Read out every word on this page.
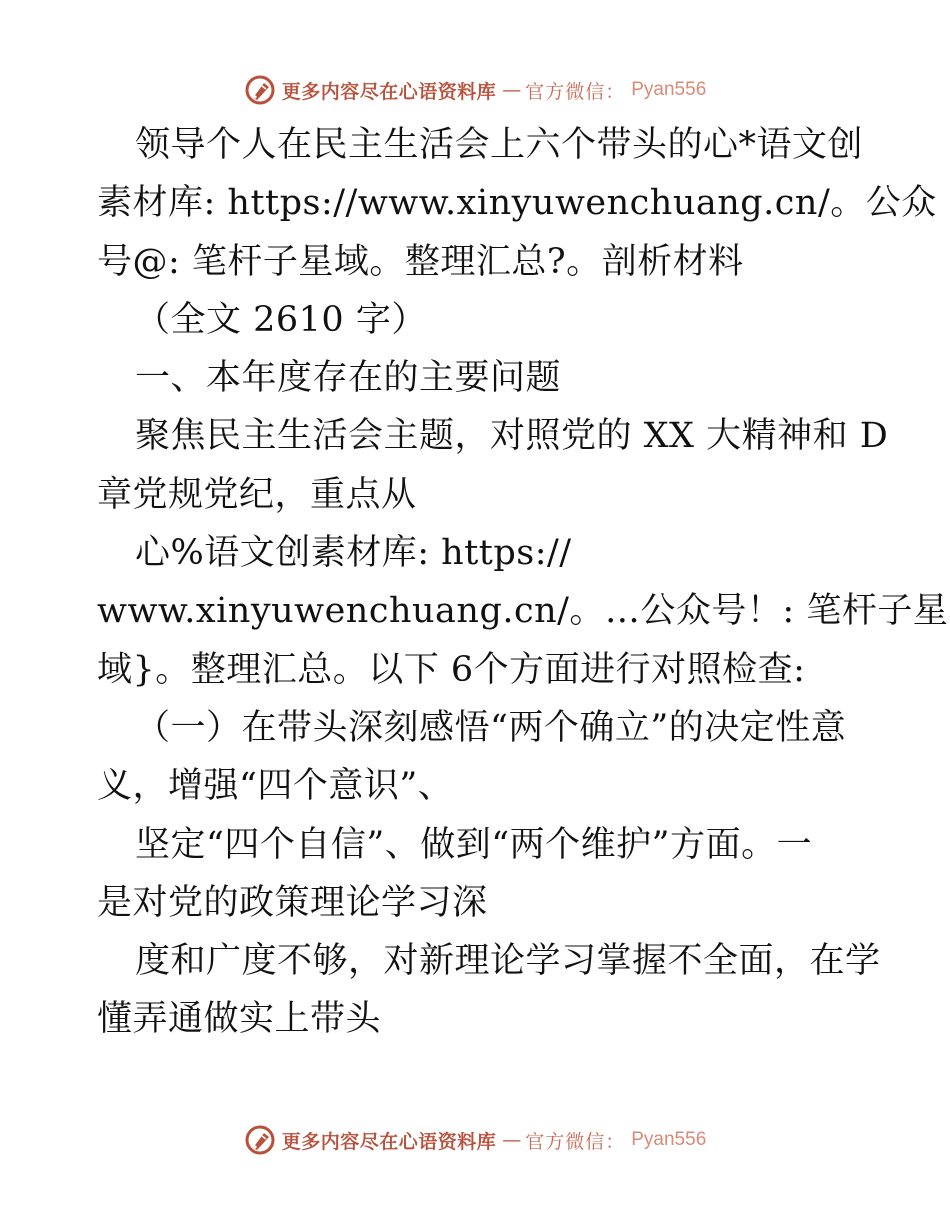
更多内容尽在心语资料库 — 官方微信： Pyan556
领导个人在民主生活会上六个带头的心*语文创
素材库: https://www.xinyuwenchuang.cn/。公众
号@: 笔杆子星域。整理汇总?。剖析材料
（全文 2610 字）
一、本年度存在的主要问题
聚焦民主生活会主题，对照党的 XX 大精神和 D
章党规党纪，重点从
心%语文创素材库: https://
www.xinyuwenchuang.cn/。…公众号！: 笔杆子星
域}。整理汇总。以下 6个方面进行对照检查:
（一）在带头深刻感悟“两个确立”的决定性意
义，增强“四个意识”、
坚定“四个自信”、做到“两个维护”方面。一
是对党的政策理论学习深
度和广度不够，对新理论学习掌握不全面，在学
懂弄通做实上带头
更多内容尽在心语资料库 — 官方微信： Pyan556
